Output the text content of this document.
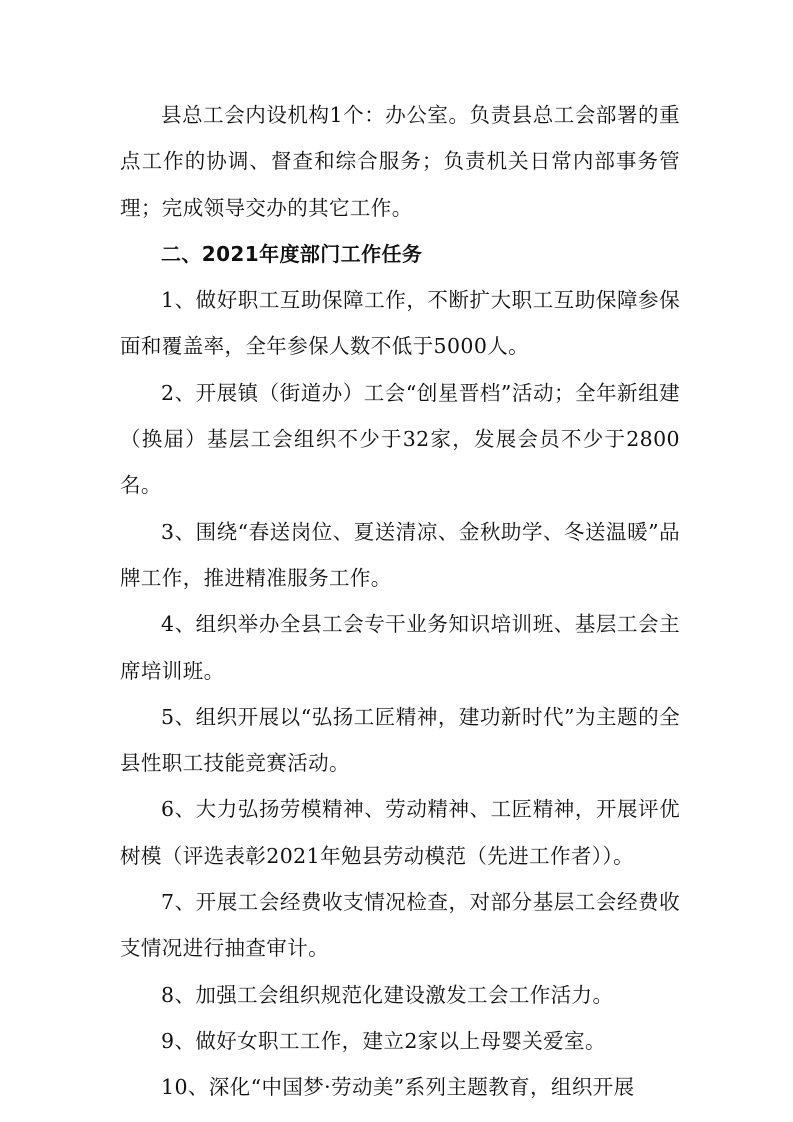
县总工会内设机构1个：办公室。负责县总工会部署的重点工作的协调、督查和综合服务；负责机关日常内部事务管理；完成领导交办的其它工作。

二、2021年度部门工作任务

1、做好职工互助保障工作，不断扩大职工互助保障参保面和覆盖率，全年参保人数不低于5000人。

2、开展镇（街道办）工会“创星晋档”活动；全年新组建（换届）基层工会组织不少于32家，发展会员不少于2800名。

3、围绕“春送岗位、夏送清凉、金秋助学、冬送温暖”品牌工作，推进精准服务工作。

4、组织举办全县工会专干业务知识培训班、基层工会主席培训班。

5、组织开展以“弘扬工匠精神，建功新时代”为主题的全县性职工技能竞赛活动。

6、大力弘扬劳模精神、劳动精神、工匠精神，开展评优树模（评选表彰2021年勉县劳动模范（先进工作者））。

7、开展工会经费收支情况检查，对部分基层工会经费收支情况进行抽查审计。

8、加强工会组织规范化建设激发工会工作活力。

9、做好女职工工作，建立2家以上母婴关爱室。

10、深化“中国梦·劳动美”系列主题教育，组织开展
